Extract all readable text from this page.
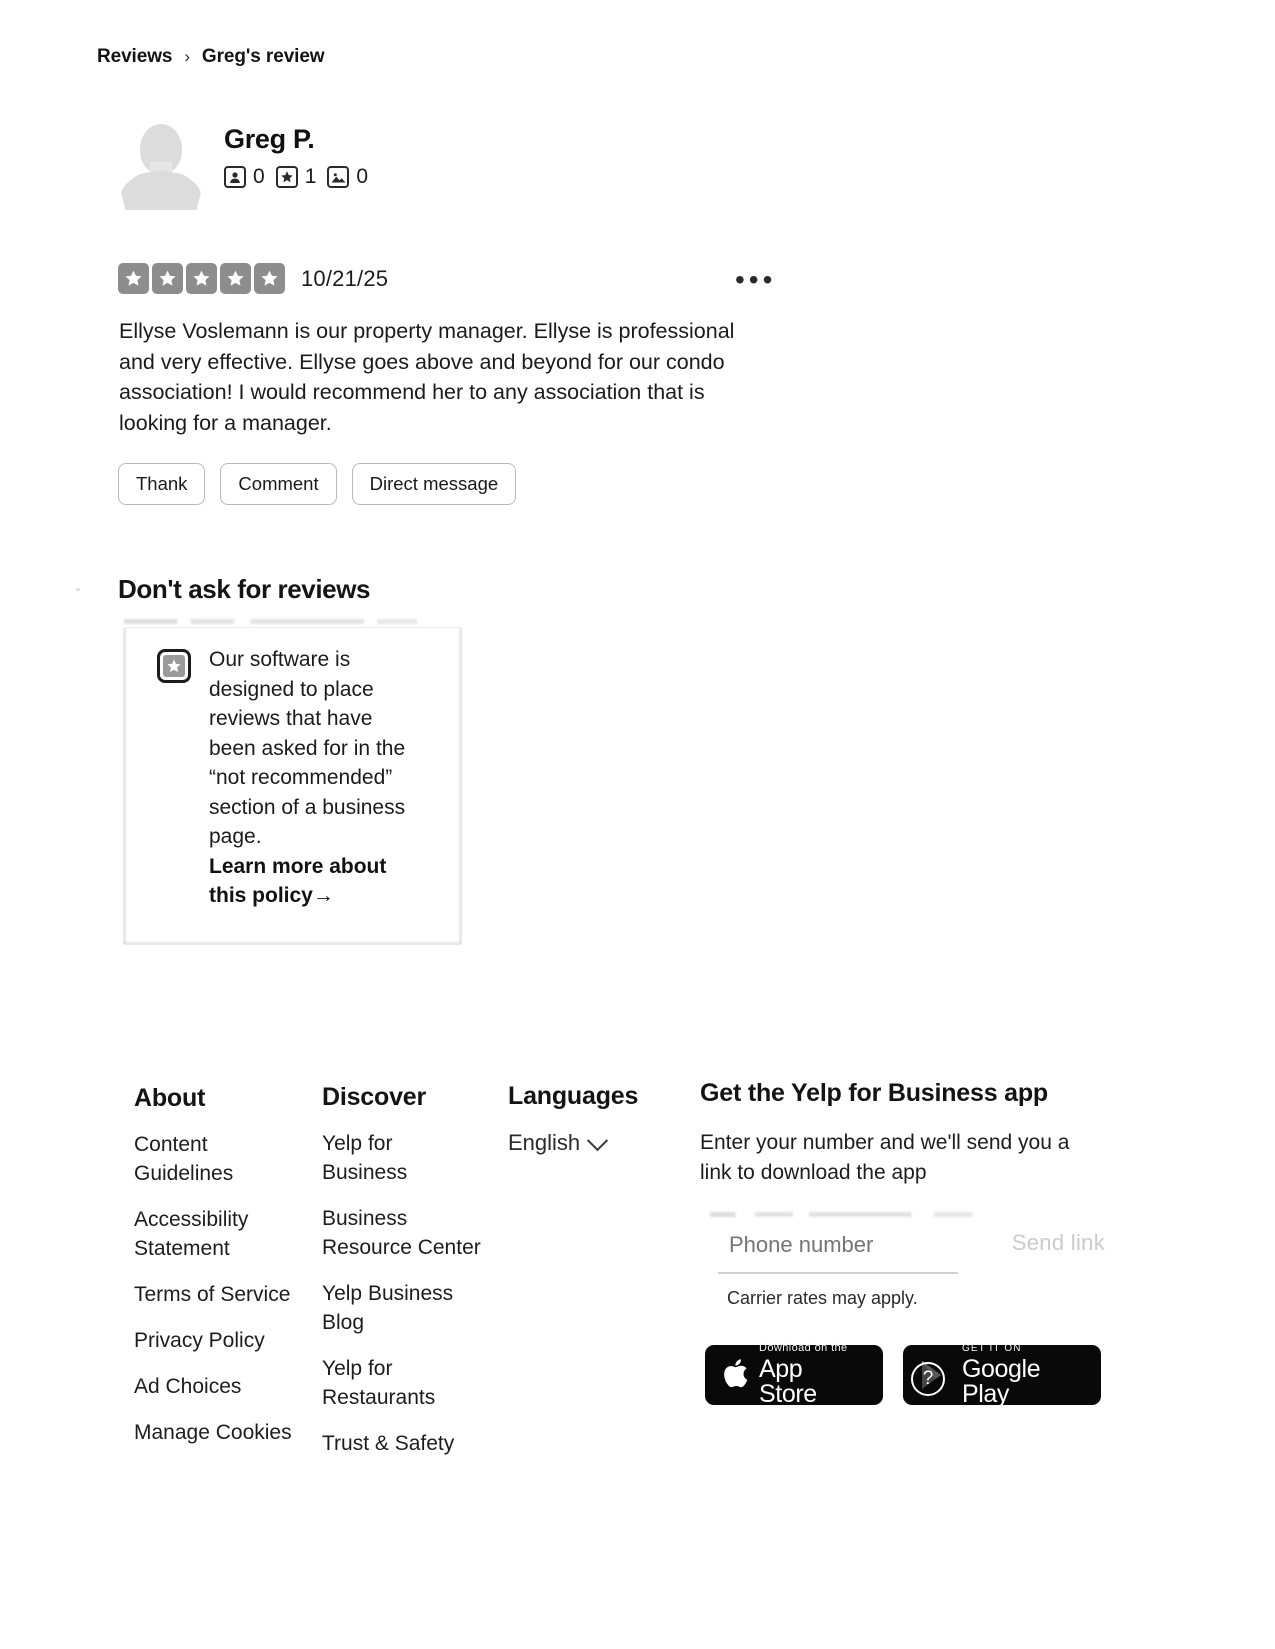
Reviews › Greg's review
Greg P.
0 1 0
10/21/25	•••
Ellyse Voslemann is our property manager. Ellyse is professional and very effective. Ellyse goes above and beyond for our condo association! I would recommend her to any association that is looking for a manager.
Thank	Comment	Direct message
Don't ask for reviews
Our software is designed to place reviews that have been asked for in the “not recommended” section of a business page.
Learn more about this policy→
About
Content Guidelines
Accessibility Statement
Terms of Service
Privacy Policy
Ad Choices
Manage Cookies
Discover
Yelp for Business
Business Resource Center
Yelp Business Blog
Yelp for Restaurants
Trust & Safety
Languages
English
Get the Yelp for Business app
Enter your number and we'll send you a link to download the app
Phone number
Send link
Carrier rates may apply.
Download on the
App Store
?
GET IT ON
Google Play
